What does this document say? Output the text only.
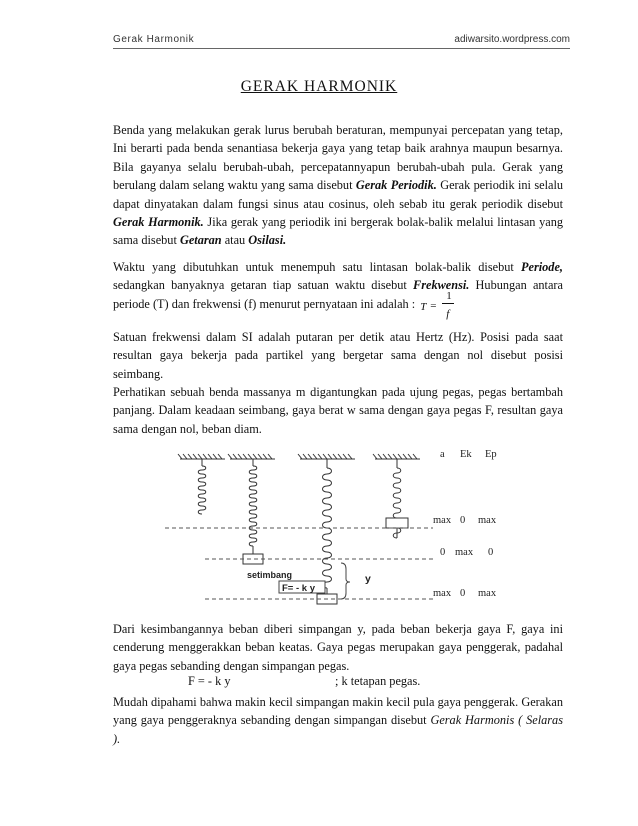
Gerak Harmonik	adiwarsito.wordpress.com
GERAK HARMONIK

Benda yang melakukan gerak lurus berubah beraturan, mempunyai percepatan yang tetap, Ini berarti pada benda senantiasa bekerja gaya yang tetap baik arahnya maupun besarnya. Bila gayanya selalu berubah-ubah, percepatannyapun berubah-ubah pula. Gerak yang berulang dalam selang waktu yang sama disebut Gerak Periodik. Gerak periodik ini selalu dapat dinyatakan dalam fungsi sinus atau cosinus, oleh sebab itu gerak periodik disebut Gerak Harmonik. Jika gerak yang periodik ini bergerak bolak-balik melalui lintasan yang sama disebut Getaran atau Osilasi.

Waktu yang dibutuhkan untuk menempuh satu lintasan bolak-balik disebut Periode, sedangkan banyaknya getaran tiap satuan waktu disebut Frekwensi. Hubungan antara periode (T) dan frekwensi (f) menurut pernyataan ini adalah : T =
1
f

Satuan frekwensi dalam SI adalah putaran per detik atau Hertz (Hz). Posisi pada saat resultan gaya bekerja pada partikel yang bergetar sama dengan nol disebut posisi seimbang.

Perhatikan sebuah benda massanya m digantungkan pada ujung pegas, pegas bertambah panjang. Dalam keadaan seimbang, gaya berat w sama dengan gaya pegas F, resultan gaya sama dengan nol, beban diam.

setimbang
F= - k y
y
a Ek Ep
max 0 max
0 max 0
max 0 max

Dari kesimbangannya beban diberi simpangan y, pada beban bekerja gaya F, gaya ini cenderung menggerakkan beban keatas. Gaya pegas merupakan gaya penggerak, padahal gaya pegas sebanding dengan simpangan pegas.

F = - k y	; k tetapan pegas.

Mudah dipahami bahwa makin kecil simpangan makin kecil pula gaya penggerak. Gerakan yang gaya penggeraknya sebanding dengan simpangan disebut Gerak Harmonis ( Selaras ).
